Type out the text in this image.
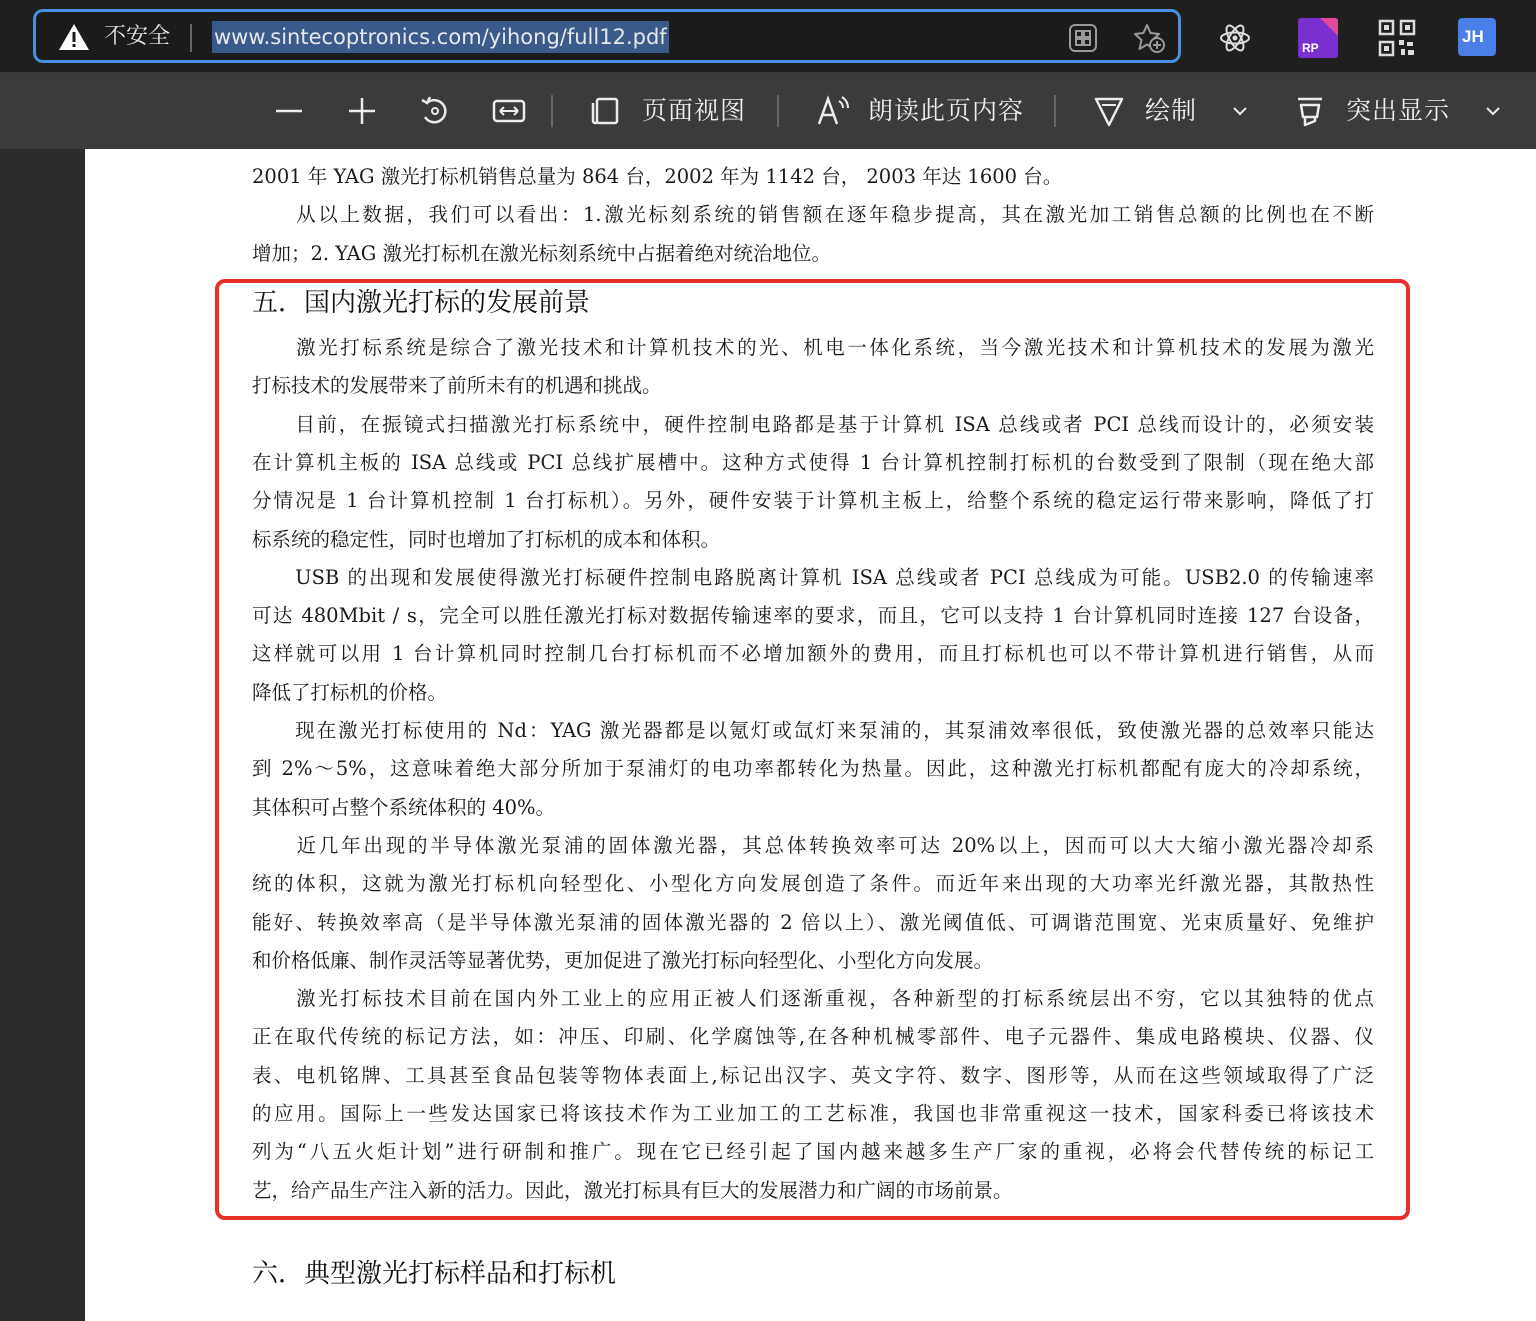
不安全 www.sintecoptronics.com/yihong/full12.pdf	RP
JH
页面视图	朗读此页内容	绘制	突出显示
2001 年 YAG 激光打标机销售总量为 864 台，2002 年为 1142 台， 2003 年达 1600 台。
　　从以上数据，我们可以看出：1.激光标刻系统的销售额在逐年稳步提高，其在激光加工销售总额的比例也在不断
增加；2. YAG 激光打标机在激光标刻系统中占据着绝对统治地位。
五．国内激光打标的发展前景
　　激光打标系统是综合了激光技术和计算机技术的光、机电一体化系统，当今激光技术和计算机技术的发展为激光
打标技术的发展带来了前所未有的机遇和挑战。
　　目前，在振镜式扫描激光打标系统中，硬件控制电路都是基于计算机 ISA 总线或者 PCI 总线而设计的，必须安装
在计算机主板的 ISA 总线或 PCI 总线扩展槽中。这种方式使得 1 台计算机控制打标机的台数受到了限制（现在绝大部
分情况是 1 台计算机控制 1 台打标机）。另外，硬件安装于计算机主板上，给整个系统的稳定运行带来影响，降低了打
标系统的稳定性，同时也增加了打标机的成本和体积。
　　USB 的出现和发展使得激光打标硬件控制电路脱离计算机 ISA 总线或者 PCI 总线成为可能。USB2.0 的传输速率
可达 480Mbit / s，完全可以胜任激光打标对数据传输速率的要求，而且，它可以支持 1 台计算机同时连接 127 台设备，
这样就可以用 1 台计算机同时控制几台打标机而不必增加额外的费用，而且打标机也可以不带计算机进行销售，从而
降低了打标机的价格。
　　现在激光打标使用的 Nd：YAG 激光器都是以氪灯或氙灯来泵浦的，其泵浦效率很低，致使激光器的总效率只能达
到 2%～5%，这意味着绝大部分所加于泵浦灯的电功率都转化为热量。因此，这种激光打标机都配有庞大的冷却系统，
其体积可占整个系统体积的 40%。
　　近几年出现的半导体激光泵浦的固体激光器，其总体转换效率可达 20%以上，因而可以大大缩小激光器冷却系
统的体积，这就为激光打标机向轻型化、小型化方向发展创造了条件。而近年来出现的大功率光纤激光器，其散热性
能好、转换效率高（是半导体激光泵浦的固体激光器的 2 倍以上）、激光阈值低、可调谐范围宽、光束质量好、免维护
和价格低廉、制作灵活等显著优势，更加促进了激光打标向轻型化、小型化方向发展。
　　激光打标技术目前在国内外工业上的应用正被人们逐渐重视，各种新型的打标系统层出不穷，它以其独特的优点
正在取代传统的标记方法，如：冲压、印刷、化学腐蚀等,在各种机械零部件、电子元器件、集成电路模块、仪器、仪
表、电机铭牌、工具甚至食品包装等物体表面上,标记出汉字、英文字符、数字、图形等，从而在这些领域取得了广泛
的应用。国际上一些发达国家已将该技术作为工业加工的工艺标准，我国也非常重视这一技术，国家科委已将该技术
列为“八五火炬计划”进行研制和推广。现在它已经引起了国内越来越多生产厂家的重视，必将会代替传统的标记工
艺，给产品生产注入新的活力。因此，激光打标具有巨大的发展潜力和广阔的市场前景。
六．典型激光打标样品和打标机
